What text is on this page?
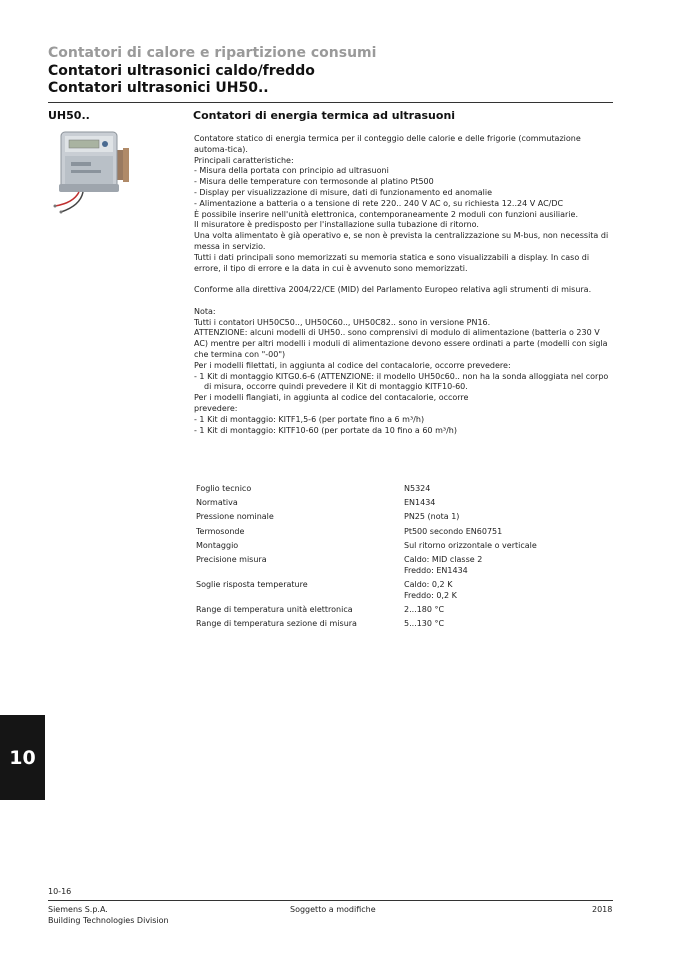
Contatori di calore e ripartizione consumi
Contatori ultrasonici caldo/freddo
Contatori ultrasonici UH50..
UH50..	Contatori di energia termica ad ultrasuoni

Contatore statico di energia termica per il conteggio delle calorie e delle frigorie (commutazione automa-tica).

Principali caratteristiche:

- Misura della portata con principio ad ultrasuoni

- Misura delle temperature con termosonde al platino Pt500

- Display per visualizzazione di misure, dati di funzionamento ed anomalie

- Alimentazione a batteria o a tensione di rete 220.. 240 V AC o, su richiesta 12..24 V AC/DC

È possibile inserire nell'unità elettronica, contemporaneamente 2 moduli con funzioni ausiliarie.

Il misuratore è predisposto per l'installazione sulla tubazione di ritorno.

Una volta alimentato è già operativo e, se non è prevista la centralizzazione su M-bus, non necessita di messa in servizio.

Tutti i dati principali sono memorizzati su memoria statica e sono visualizzabili a display. In caso di errore, il tipo di errore e la data in cui è avvenuto sono memorizzati.

Conforme alla direttiva 2004/22/CE (MID) del Parlamento Europeo relativa agli strumenti di misura.

Nota:

Tutti i contatori UH50C50.., UH50C60.., UH50C82.. sono in versione PN16.

ATTENZIONE: alcuni modelli di UH50.. sono comprensivi di modulo di alimentazione (batteria o 230 V AC) mentre per altri modelli i moduli di alimentazione devono essere ordinati a parte (modelli con sigla che termina con "-00")

Per i modelli filettati, in aggiunta al codice del contacalorie, occorre prevedere:

- 1 Kit di montaggio KITG0.6-6 (ATTENZIONE: il modello UH50c60.. non ha la sonda alloggiata nel corpo di misura, occorre quindi prevedere il Kit di montaggio KITF10-60.

Per i modelli flangiati, in aggiunta al codice del contacalorie, occorre prevedere:

- 1 Kit di montaggio: KITF1,5-6 (per portate fino a 6 m³/h)

- 1 Kit di montaggio: KITF10-60 (per portate da 10 fino a 60 m³/h)

Foglio tecnico	N5324
Normativa	EN1434
Pressione nominale	PN25 (nota 1)
Termosonde	Pt500 secondo EN60751
Montaggio	Sul ritorno orizzontale o verticale
Precisione misura	Caldo: MID classe 2
Freddo: EN1434

Soglie risposta temperature	Caldo: 0,2 K
Freddo: 0,2 K

Range di temperatura unità elettronica	2...180 °C
Range di temperatura sezione di misura	5...130 °C
10
10-16
Siemens S.p.A.
Building Technologies Division
Soggetto a modifiche	2018
